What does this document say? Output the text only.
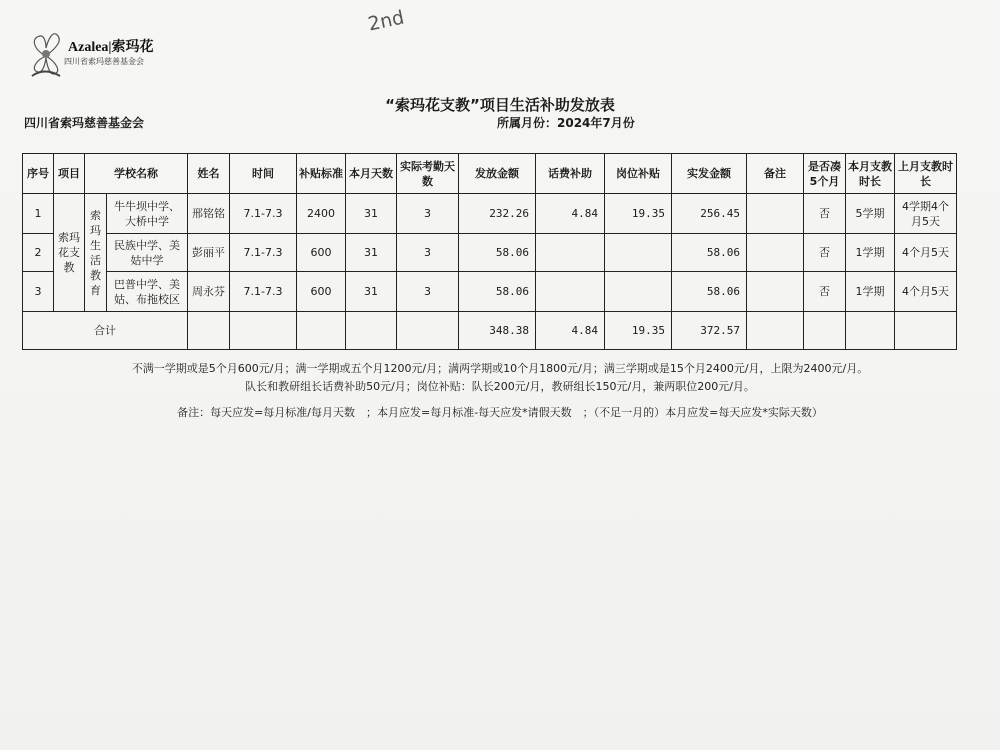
Azalea|索玛花
四川省索玛慈善基金会
2nd
“索玛花支教”项目生活补助发放表
四川省索玛慈善基金会	所属月份：2024年7月份
序号	项目	学校名称		姓名	时间	补贴标准	本月天数	实际考勤天数	发放金额	话费补助	岗位补贴	实发金额	备注	是否凑5个月	本月支教时长	上月支教时长
1	索玛花支教	索玛生活教育	牛牛坝中学、大桥中学	邢铭铭	7.1-7.3	2400	31	3	232.26	4.84	19.35	256.45		否	5学期	4学期4个月5天
2			民族中学、美姑中学	彭丽平	7.1-7.3	600	31	3	58.06			58.06		否	1学期	4个月5天
3			巴普中学、美姑、布拖校区	周永芬	7.1-7.3	600	31	3	58.06			58.06		否	1学期	4个月5天
合计									348.38	4.84	19.35	372.57				
不满一学期或是5个月600元/月；满一学期或五个月1200元/月；满两学期或10个月1800元/月；满三学期或是15个月2400元/月，上限为2400元/月。
队长和教研组长话费补助50元/月；岗位补贴：队长200元/月，教研组长150元/月，兼两职位200元/月。
备注：每天应发=每月标准/每月天数　；本月应发=每月标准-每天应发*请假天数　；（不足一月的）本月应发=每天应发*实际天数）
